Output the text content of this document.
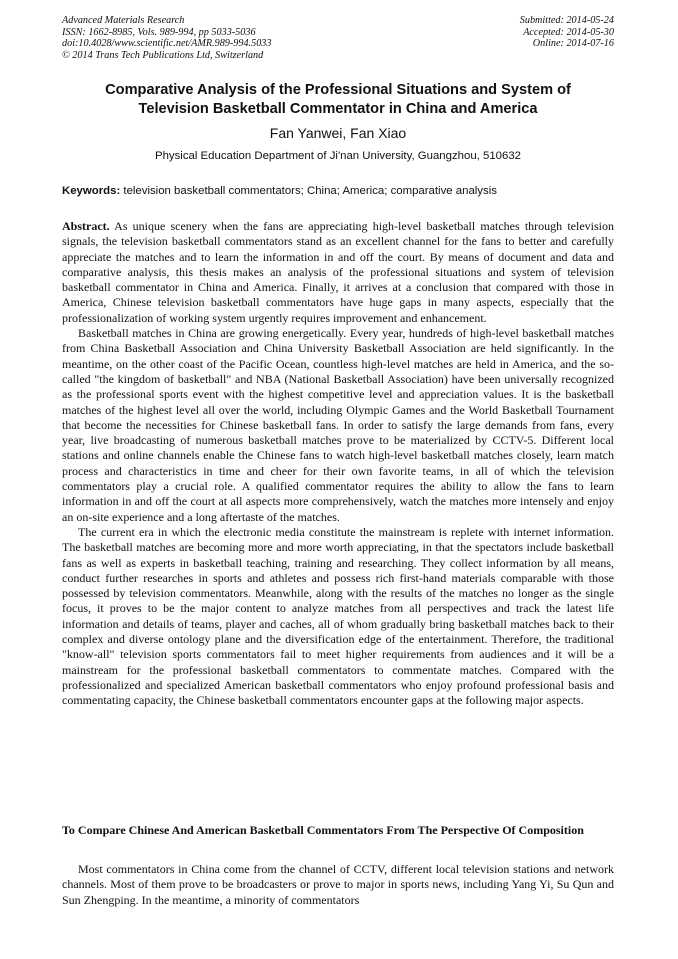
Advanced Materials Research
ISSN: 1662-8985, Vols. 989-994, pp 5033-5036
doi:10.4028/www.scientific.net/AMR.989-994.5033
© 2014 Trans Tech Publications Ltd, Switzerland
Submitted: 2014-05-24
Accepted: 2014-05-30
Online: 2014-07-16
Comparative Analysis of the Professional Situations and System of
Television Basketball Commentator in China and America
Fan Yanwei, Fan Xiao
Physical Education Department of Ji'nan University, Guangzhou, 510632
Keywords: television basketball commentators; China; America; comparative analysis

Abstract. As unique scenery when the fans are appreciating high-level basketball matches through television signals, the television basketball commentators stand as an excellent channel for the fans to better and carefully appreciate the matches and to learn the information in and off the court. By means of document and data and comparative analysis, this thesis makes an analysis of the professional situations and system of television basketball commentator in China and America. Finally, it arrives at a conclusion that compared with those in America, Chinese television basketball commentators have huge gaps in many aspects, especially that the professionalization of working system urgently requires improvement and enhancement.

Basketball matches in China are growing energetically. Every year, hundreds of high-level basketball matches from China Basketball Association and China University Basketball Association are held significantly. In the meantime, on the other coast of the Pacific Ocean, countless high-level matches are held in America, and the so-called "the kingdom of basketball" and NBA (National Basketball Association) have been universally recognized as the professional sports event with the highest competitive level and appreciation values. It is the basketball matches of the highest level all over the world, including Olympic Games and the World Basketball Tournament that become the necessities for Chinese basketball fans. In order to satisfy the large demands from fans, every year, live broadcasting of numerous basketball matches prove to be materialized by CCTV-5. Different local stations and online channels enable the Chinese fans to watch high-level basketball matches closely, learn match process and characteristics in time and cheer for their own favorite teams, in all of which the television commentators play a crucial role. A qualified commentator requires the ability to allow the fans to learn information in and off the court at all aspects more comprehensively, watch the matches more intensely and enjoy an on-site experience and a long aftertaste of the matches.

The current era in which the electronic media constitute the mainstream is replete with internet information. The basketball matches are becoming more and more worth appreciating, in that the spectators include basketball fans as well as experts in basketball teaching, training and researching. They collect information by all means, conduct further researches in sports and athletes and possess rich first-hand materials comparable with those possessed by television commentators. Meanwhile, along with the results of the matches no longer as the single focus, it proves to be the major content to analyze matches from all perspectives and track the latest life information and details of teams, player and caches, all of whom gradually bring basketball matches back to their complex and diverse ontology plane and the diversification edge of the entertainment. Therefore, the traditional "know-all" television sports commentators fail to meet higher requirements from audiences and it will be a mainstream for the professional basketball commentators to commentate matches. Compared with the professionalized and specialized American basketball commentators who enjoy profound professional basis and commentating capacity, the Chinese basketball commentators encounter gaps at the following major aspects.

To Compare Chinese And American Basketball Commentators From The Perspective Of Composition

Most commentators in China come from the channel of CCTV, different local television stations and network channels. Most of them prove to be broadcasters or prove to major in sports news, including Yang Yi, Su Qun and Sun Zhengping. In the meantime, a minority of commentators
